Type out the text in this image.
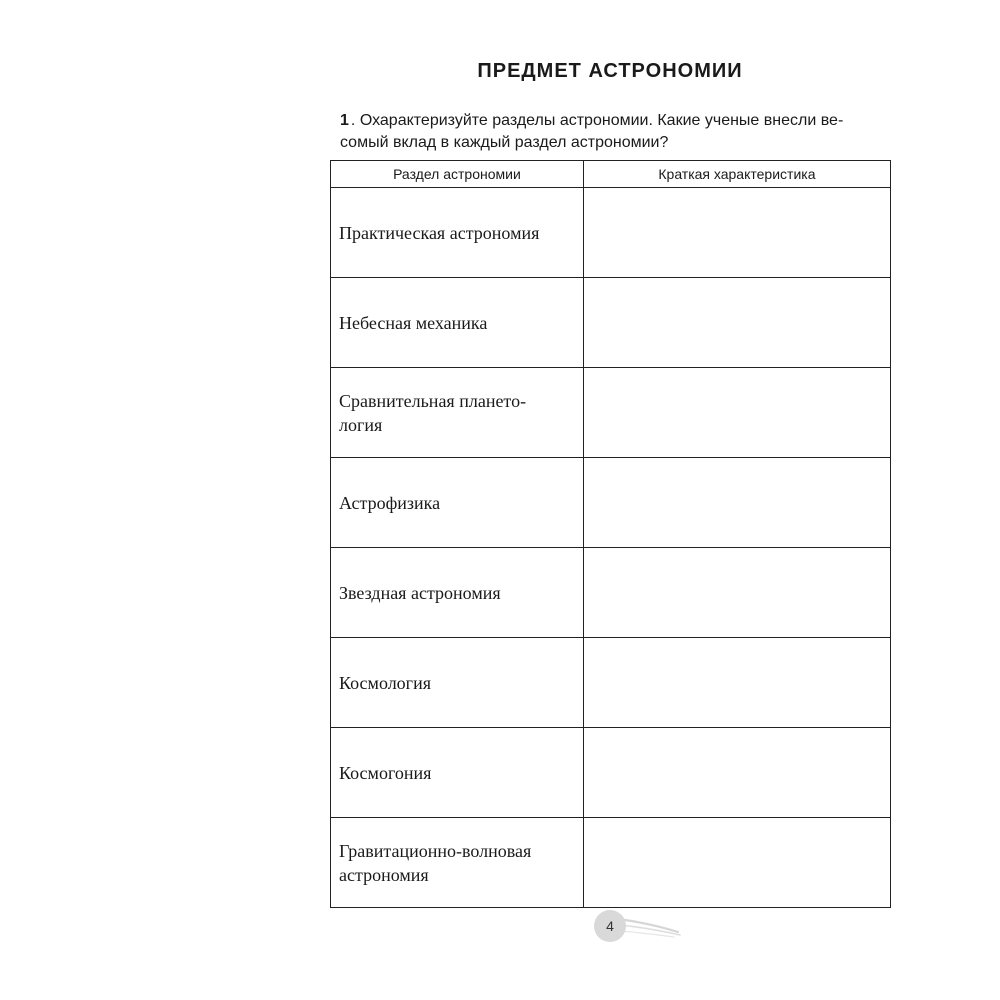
ПРЕДМЕТ АСТРОНОМИИ
1 . Охарактеризуйте разделы астрономии. Какие ученые внесли ве-
сомый вклад в каждый раздел астрономии?
Раздел астрономии	Краткая характеристика
Практическая астрономия	
Небесная механика	
Сравнительная плането-
логия	
Астрофизика	
Звездная астрономия	
Космология	
Космогония	
Гравитационно-волновая
астрономия	
4
